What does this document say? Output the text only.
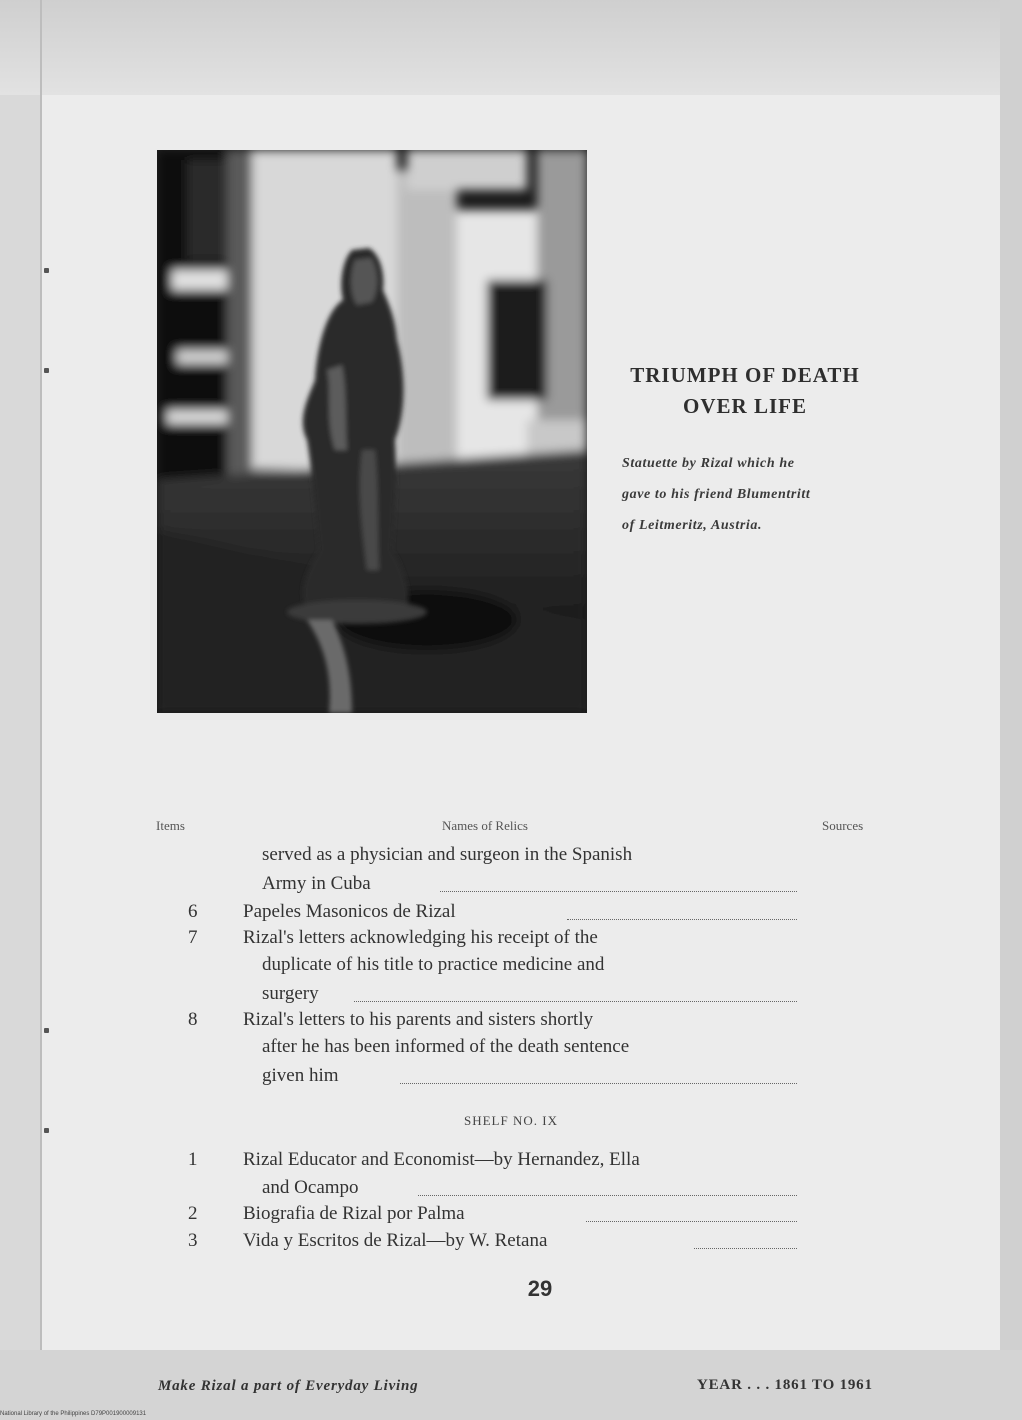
TRIUMPH OF DEATH
OVER LIFE
Statuette by Rizal which he
gave to his friend Blumentritt
of Leitmeritz, Austria.
Items	Names of Relics	Sources
served as a physician and surgeon in the Spanish
Army in Cuba
6	Papeles Masonicos de Rizal
7	Rizal's letters acknowledging his receipt of the
duplicate of his title to practice medicine and
surgery
8	Rizal's letters to his parents and sisters shortly
after he has been informed of the death sentence
given him
SHELF NO. IX
1	Rizal Educator and Economist—by Hernandez, Ella
and Ocampo
2	Biografia de Rizal por Palma
3	Vida y Escritos de Rizal—by W. Retana
29
Make Rizal a part of Everyday Living	YEAR . . . 1861 TO 1961
National Library of the Philippines D79P001900009131
